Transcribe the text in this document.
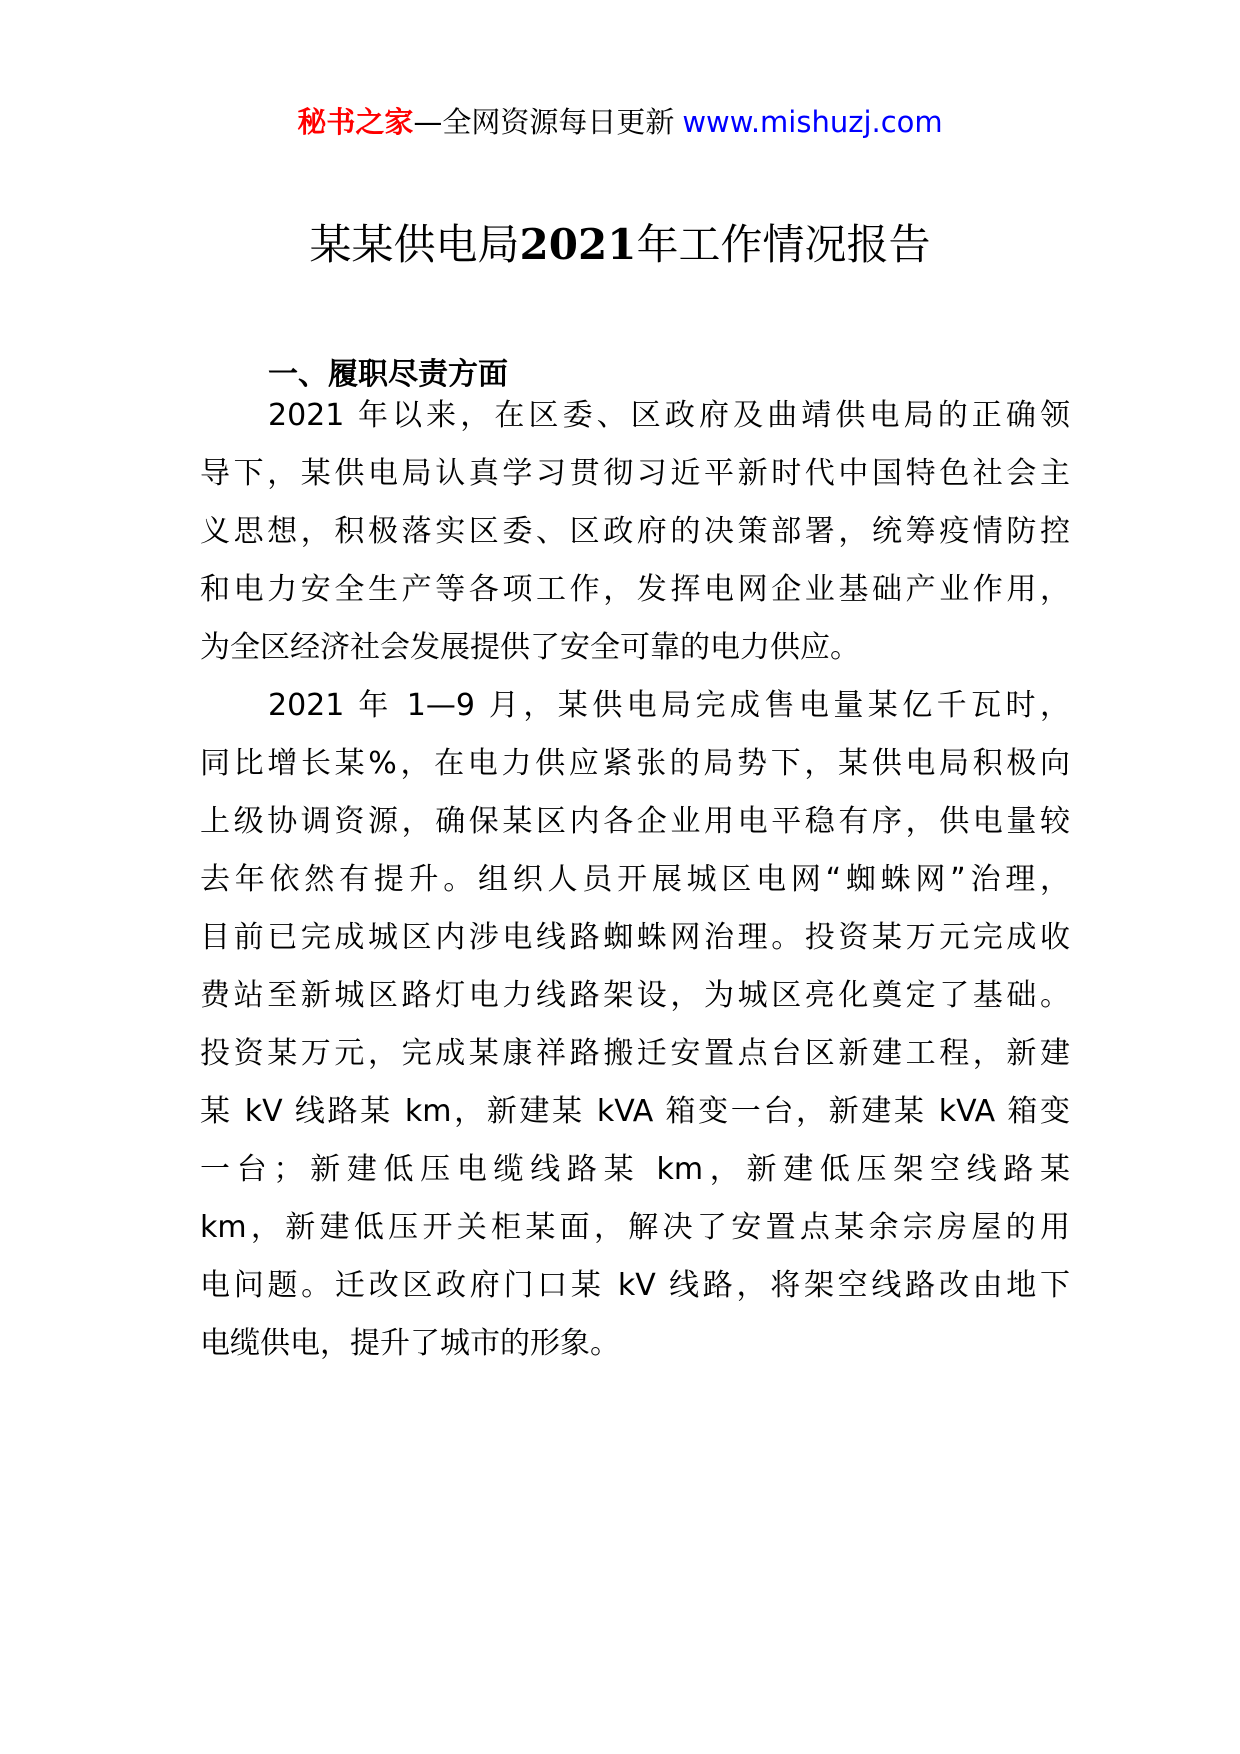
秘书之家—全网资源每日更新 www.mishuzj.com
某某供电局2021年工作情况报告
一、履职尽责方面
2021 年以来，在区委、区政府及曲靖供电局的正确领
导下，某供电局认真学习贯彻习近平新时代中国特色社会主
义思想，积极落实区委、区政府的决策部署，统筹疫情防控
和电力安全生产等各项工作，发挥电网企业基础产业作用，
为全区经济社会发展提供了安全可靠的电力供应。
2021 年 1—9 月，某供电局完成售电量某亿千瓦时，
同比增长某%，在电力供应紧张的局势下，某供电局积极向
上级协调资源，确保某区内各企业用电平稳有序，供电量较
去年依然有提升。组织人员开展城区电网“蜘蛛网”治理，
目前已完成城区内涉电线路蜘蛛网治理。投资某万元完成收
费站至新城区路灯电力线路架设，为城区亮化奠定了基础。
投资某万元，完成某康祥路搬迁安置点台区新建工程，新建
某 kV 线路某 km，新建某 kVA 箱变一台，新建某 kVA 箱变
一台；新建低压电缆线路某 km，新建低压架空线路某
km，新建低压开关柜某面，解决了安置点某余宗房屋的用
电问题。迁改区政府门口某 kV 线路，将架空线路改由地下
电缆供电，提升了城市的形象。
